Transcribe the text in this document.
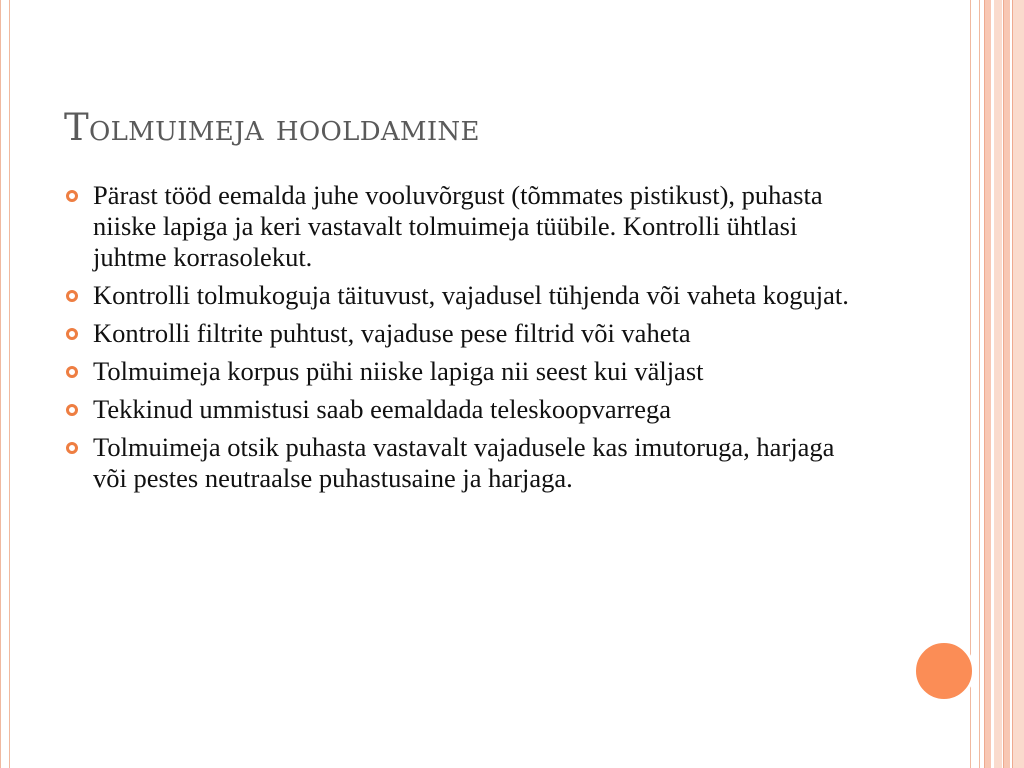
Tolmuimeja hooldamine
Pärast tööd eemalda juhe vooluvõrgust (tõmmates pistikust), puhasta niiske lapiga ja keri vastavalt tolmuimeja tüübile. Kontrolli ühtlasi juhtme korrasolekut.
Kontrolli tolmukoguja täituvust, vajadusel tühjenda või vaheta kogujat.
Kontrolli filtrite puhtust, vajaduse pese filtrid või vaheta
Tolmuimeja korpus pühi niiske lapiga nii seest kui väljast
Tekkinud ummistusi saab eemaldada teleskoopvarrega
Tolmuimeja otsik puhasta vastavalt vajadusele kas imutoruga, harjaga või pestes neutraalse puhastusaine ja harjaga.
